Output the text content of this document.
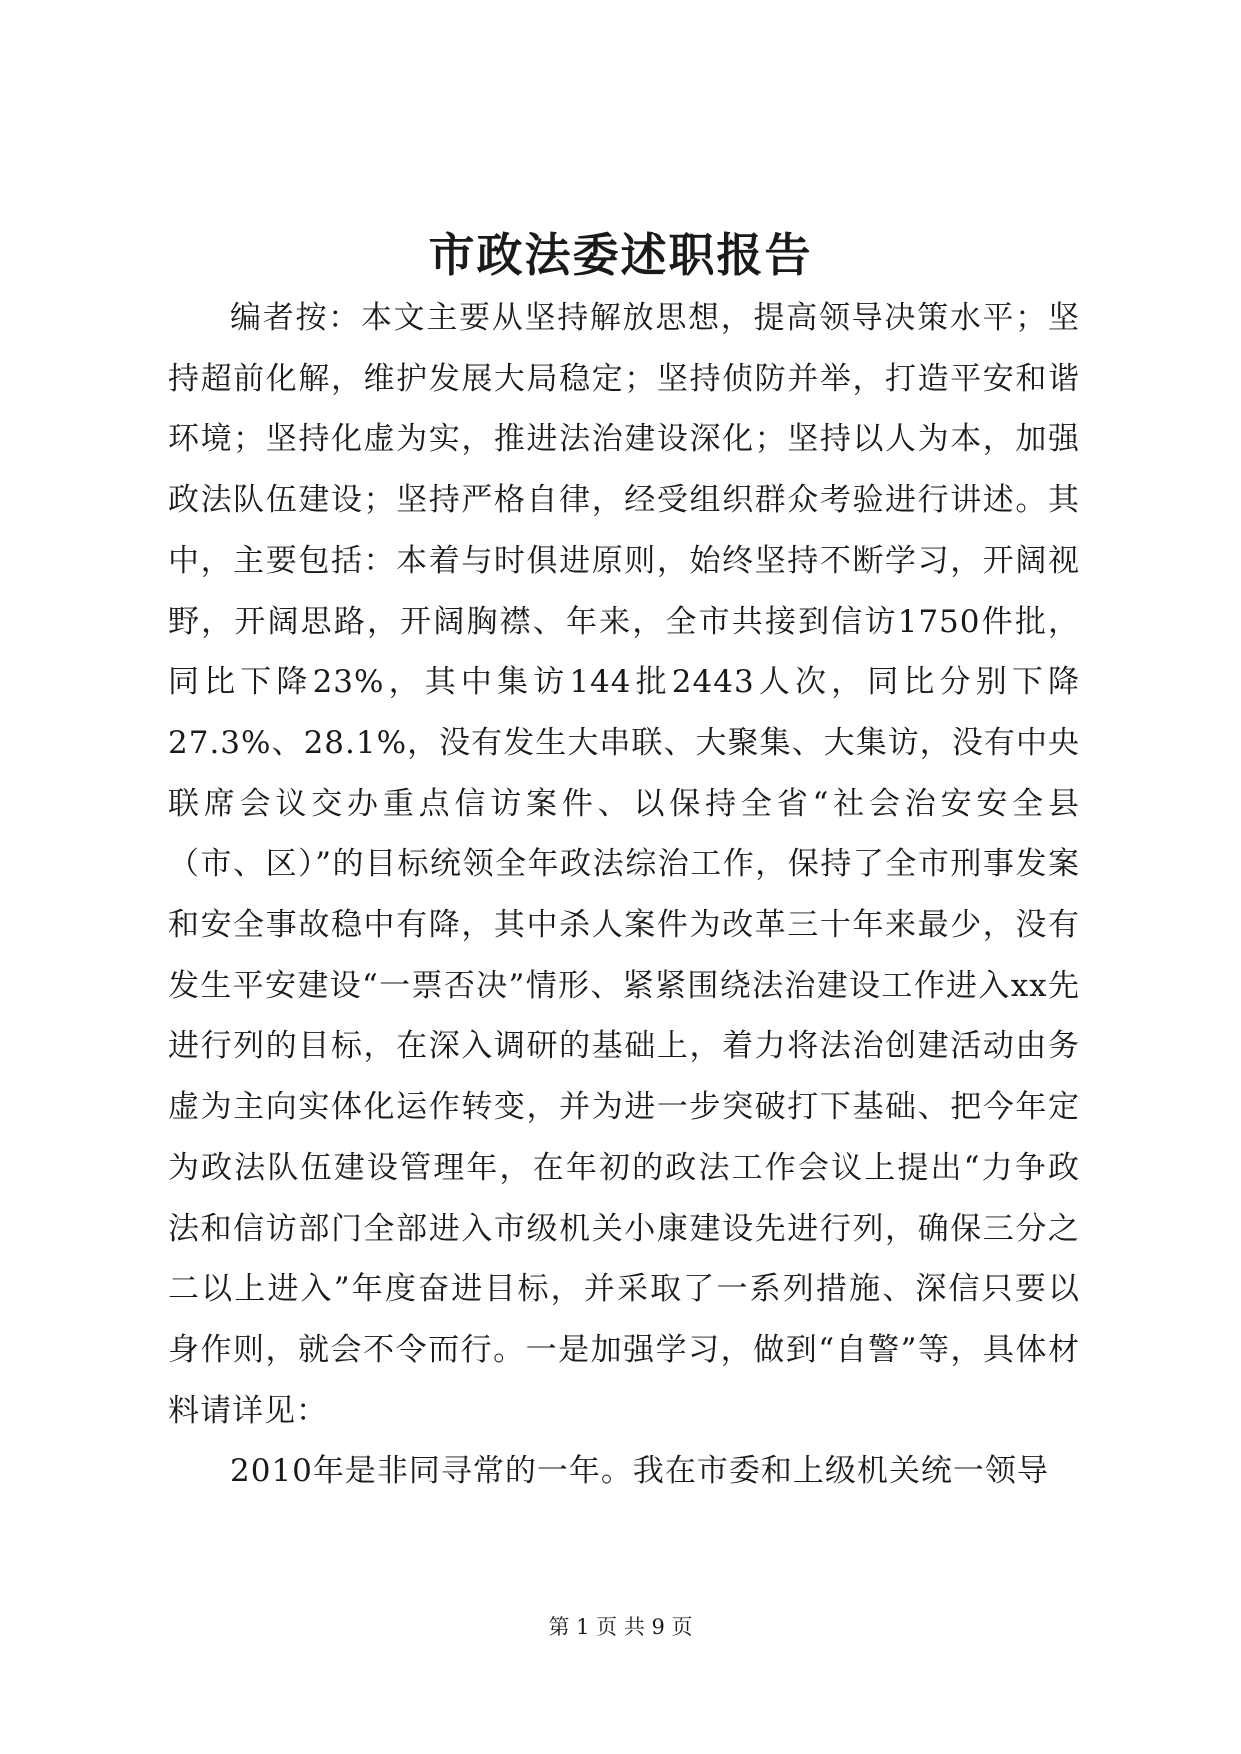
市政法委述职报告

编者按：本文主要从坚持解放思想，提高领导决策水平；坚持超前化解，维护发展大局稳定；坚持侦防并举，打造平安和谐环境；坚持化虚为实，推进法治建设深化；坚持以人为本，加强政法队伍建设；坚持严格自律，经受组织群众考验进行讲述。其中，主要包括：本着与时俱进原则，始终坚持不断学习，开阔视野，开阔思路，开阔胸襟、年来，全市共接到信访1750件批，同比下降23%，其中集访144批2443人次，同比分别下降27.3%、28.1%，没有发生大串联、大聚集、大集访，没有中央联席会议交办重点信访案件、以保持全省“社会治安安全县（市、区）”的目标统领全年政法综治工作，保持了全市刑事发案和安全事故稳中有降，其中杀人案件为改革三十年来最少，没有发生平安建设“一票否决”情形、紧紧围绕法治建设工作进入xx先进行列的目标，在深入调研的基础上，着力将法治创建活动由务虚为主向实体化运作转变，并为进一步突破打下基础、把今年定为政法队伍建设管理年，在年初的政法工作会议上提出“力争政法和信访部门全部进入市级机关小康建设先进行列，确保三分之二以上进入”年度奋进目标，并采取了一系列措施、深信只要以身作则，就会不令而行。一是加强学习，做到“自警”等，具体材料请详见：

2010年是非同寻常的一年。我在市委和上级机关统一领导

第 1 页 共 9 页
